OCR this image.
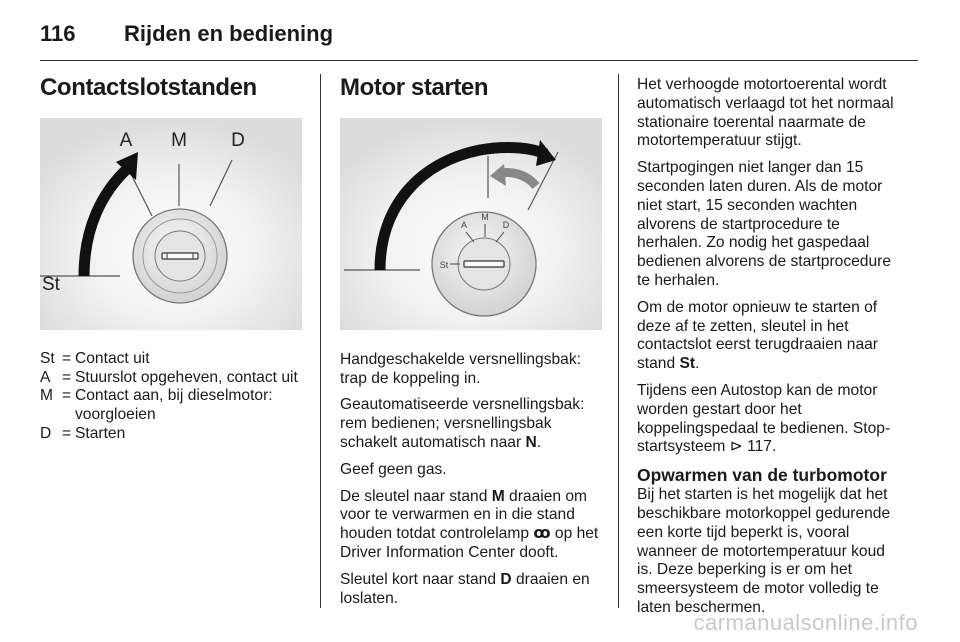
116	Rijden en bediening
Contactslotstanden
A M D
St
St = Contact uit
A = Stuurslot opgeheven, contact uit
M = Contact aan, bij dieselmotor: voorgloeien
D = Starten
Motor starten
A
M
D
St

Handgeschakelde versnellingsbak: trap de koppeling in.

Geautomatiseerde versnellingsbak: rem bedienen; versnellingsbak schakelt automatisch naar N.

Geef geen gas.

De sleutel naar stand M draaien om voor te verwarmen en in die stand houden totdat controlelamp ꝏ op het Driver Information Center dooft.

Sleutel kort naar stand D draaien en loslaten.

Het verhoogde motortoerental wordt automatisch verlaagd tot het normaal stationaire toerental naarmate de motortemperatuur stijgt.

Startpogingen niet langer dan 15 seconden laten duren. Als de motor niet start, 15 seconden wachten alvorens de startprocedure te herhalen. Zo nodig het gaspedaal bedienen alvorens de startprocedure te herhalen.

Om de motor opnieuw te starten of deze af te zetten, sleutel in het contactslot eerst terugdraaien naar stand St.

Tijdens een Autostop kan de motor worden gestart door het koppelingspedaal te bedienen. Stop-startsysteem ⊳ 117.

Opwarmen van de turbomotor

Bij het starten is het mogelijk dat het beschikbare motorkoppel gedurende een korte tijd beperkt is, vooral wanneer de motortemperatuur koud is. Deze beperking is er om het smeersysteem de motor volledig te laten beschermen.

carmanualsonline.info
